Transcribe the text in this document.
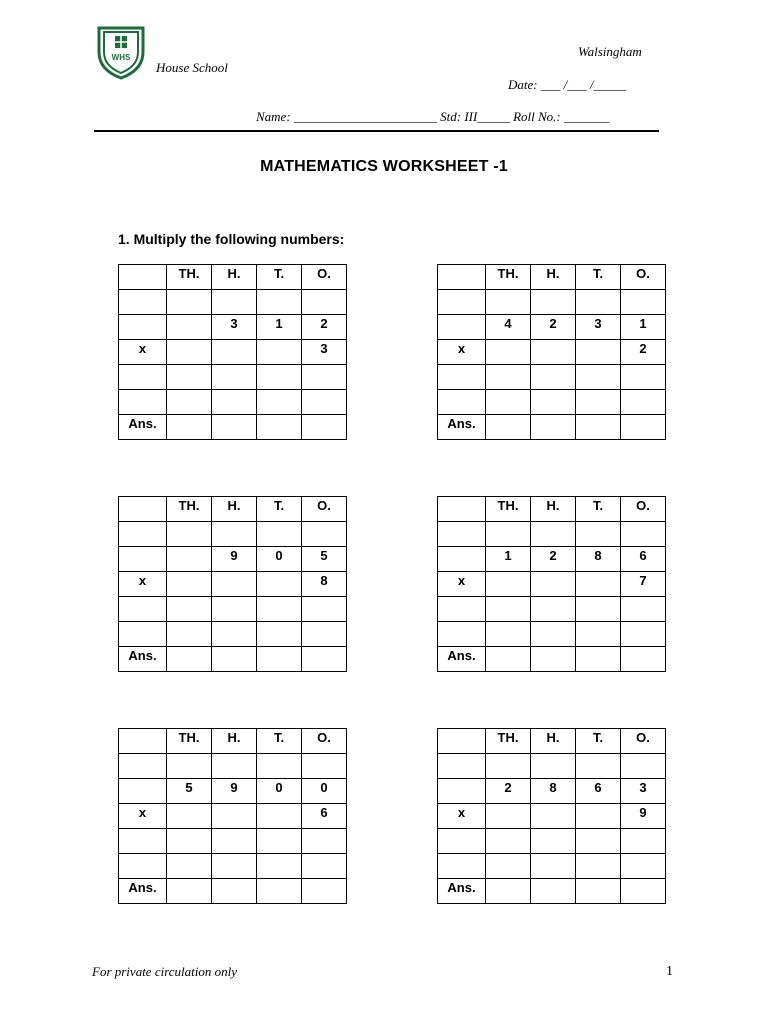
WHS
House School
Walsingham
Date: ___ /___ /_____
Name: ______________________ Std: III_____ Roll No.: _______
MATHEMATICS WORKSHEET -1
1. Multiply the following numbers:
	TH.	H.	T.	O.

		3	1	2
x				3

Ans.				
	TH.	H.	T.	O.

	4	2	3	1
x				2

Ans.				
	TH.	H.	T.	O.

		9	0	5
x				8

Ans.				
	TH.	H.	T.	O.

	1	2	8	6
x				7

Ans.				
	TH.	H.	T.	O.

	5	9	0	0
x				6

Ans.				
	TH.	H.	T.	O.

	2	8	6	3
x				9

Ans.				
For private circulation only	1
